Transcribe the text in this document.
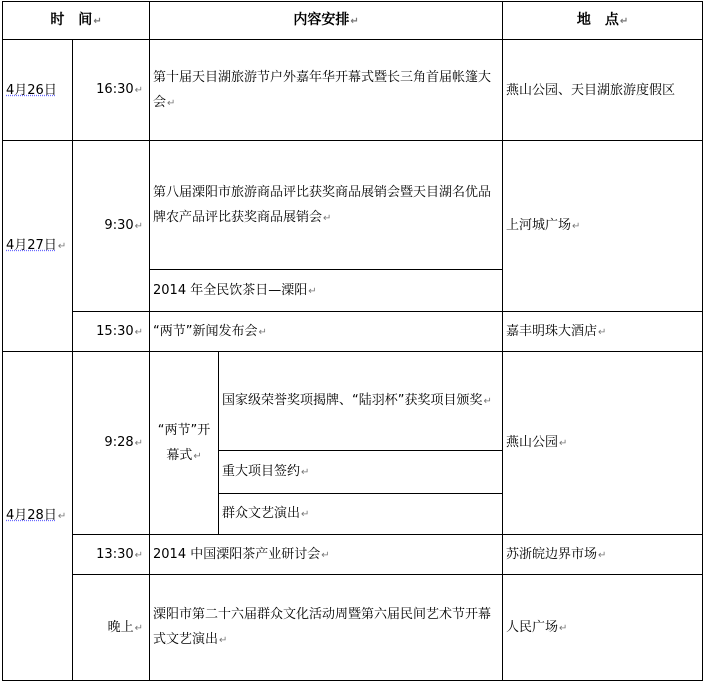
时　间↵		内容安排↵		地　点↵
4月26日	16:30↵	第十届天目湖旅游节户外嘉年华开幕式暨长三角首届帐篷大会↵		燕山公园、天目湖旅游度假区
4月27日↵	9:30↵	第八届溧阳市旅游商品评比获奖商品展销会暨天目湖名优品牌农产品评比获奖商品展销会↵		上河城广场↵
		2014 年全民饮茶日—溧阳↵		
	15:30↵	“两节”新闻发布会↵		嘉丰明珠大酒店↵
4月28日↵	9:28↵	“两节”开幕式↵	国家级荣誉奖项揭牌、“陆羽杯”获奖项目颁奖↵	燕山公园↵
			重大项目签约↵	
			群众文艺演出↵	
	13:30↵	2014 中国溧阳茶产业研讨会↵		苏浙皖边界市场↵
	晚上↵	溧阳市第二十六届群众文化活动周暨第六届民间艺术节开幕式文艺演出↵		人民广场↵
